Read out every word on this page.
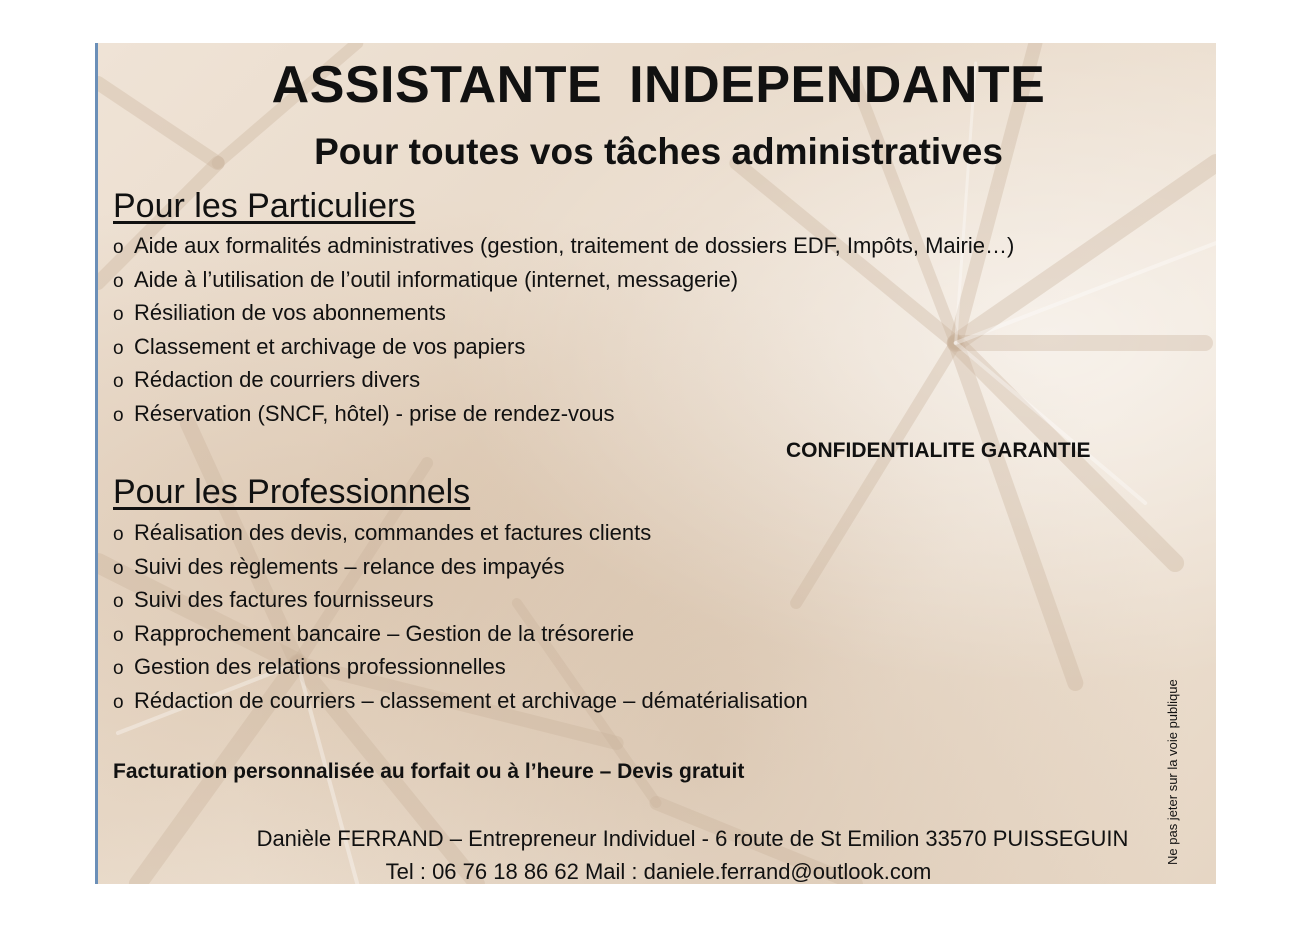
ASSISTANTE INDEPENDANTE
Pour toutes vos tâches administratives
Pour les Particuliers
o Aide aux formalités administratives (gestion, traitement de dossiers EDF, Impôts, Mairie…)
o Aide à l’utilisation de l’outil informatique (internet, messagerie)
o Résiliation de vos abonnements
o Classement et archivage de vos papiers
o Rédaction de courriers divers
o Réservation (SNCF, hôtel) - prise de rendez-vous
CONFIDENTIALITE GARANTIE
Pour les Professionnels
o Réalisation des devis, commandes et factures clients
o Suivi des règlements – relance des impayés
o Suivi des factures fournisseurs
o Rapprochement bancaire – Gestion de la trésorerie
o Gestion des relations professionnelles
o Rédaction de courriers – classement et archivage – dématérialisation
Facturation personnalisée au forfait ou à l’heure – Devis gratuit
Danièle FERRAND – Entrepreneur Individuel - 6 route de St Emilion 33570 PUISSEGUIN
Tel : 06 76 18 86 62 Mail : daniele.ferrand@outlook.com
Ne pas jeter sur la voie publique
